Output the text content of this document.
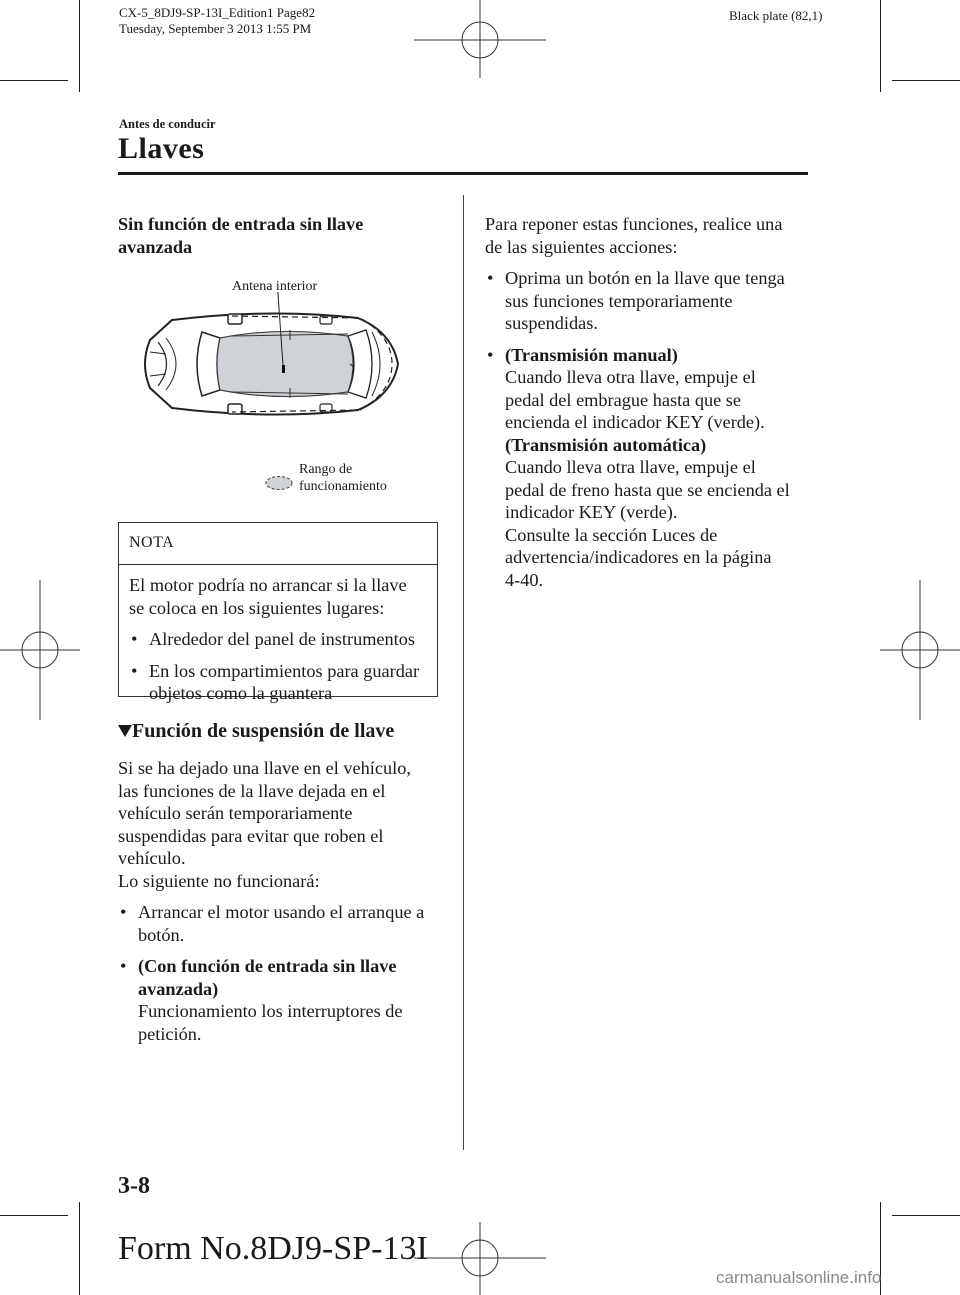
CX-5_8DJ9-SP-13I_Edition1 Page82
Tuesday, September 3 2013 1:55 PM
Black plate (82,1)
Antes de conducir
Llaves
Sin función de entrada sin llave
avanzada
Antena interior
Rango de
funcionamiento
NOTA
El motor podría no arrancar si la llave
se coloca en los siguientes lugares:
• Alrededor del panel de instrumentos
• En los compartimientos para guardar
objetos como la guantera
Función de suspensión de llave
Si se ha dejado una llave en el vehículo,
las funciones de la llave dejada en el
vehículo serán temporariamente
suspendidas para evitar que roben el
vehículo.
Lo siguiente no funcionará:
• Arrancar el motor usando el arranque a
botón.
• (Con función de entrada sin llave
avanzada)
Funcionamiento los interruptores de
petición.
Para reponer estas funciones, realice una
de las siguientes acciones:
• Oprima un botón en la llave que tenga
sus funciones temporariamente
suspendidas.
• (Transmisión manual)
Cuando lleva otra llave, empuje el
pedal del embrague hasta que se
encienda el indicador KEY (verde).
(Transmisión automática)
Cuando lleva otra llave, empuje el
pedal de freno hasta que se encienda el
indicador KEY (verde).
Consulte la sección Luces de
advertencia/indicadores en la página
4-40.
3-8
Form No.8DJ9-SP-13I
carmanualsonline.info
